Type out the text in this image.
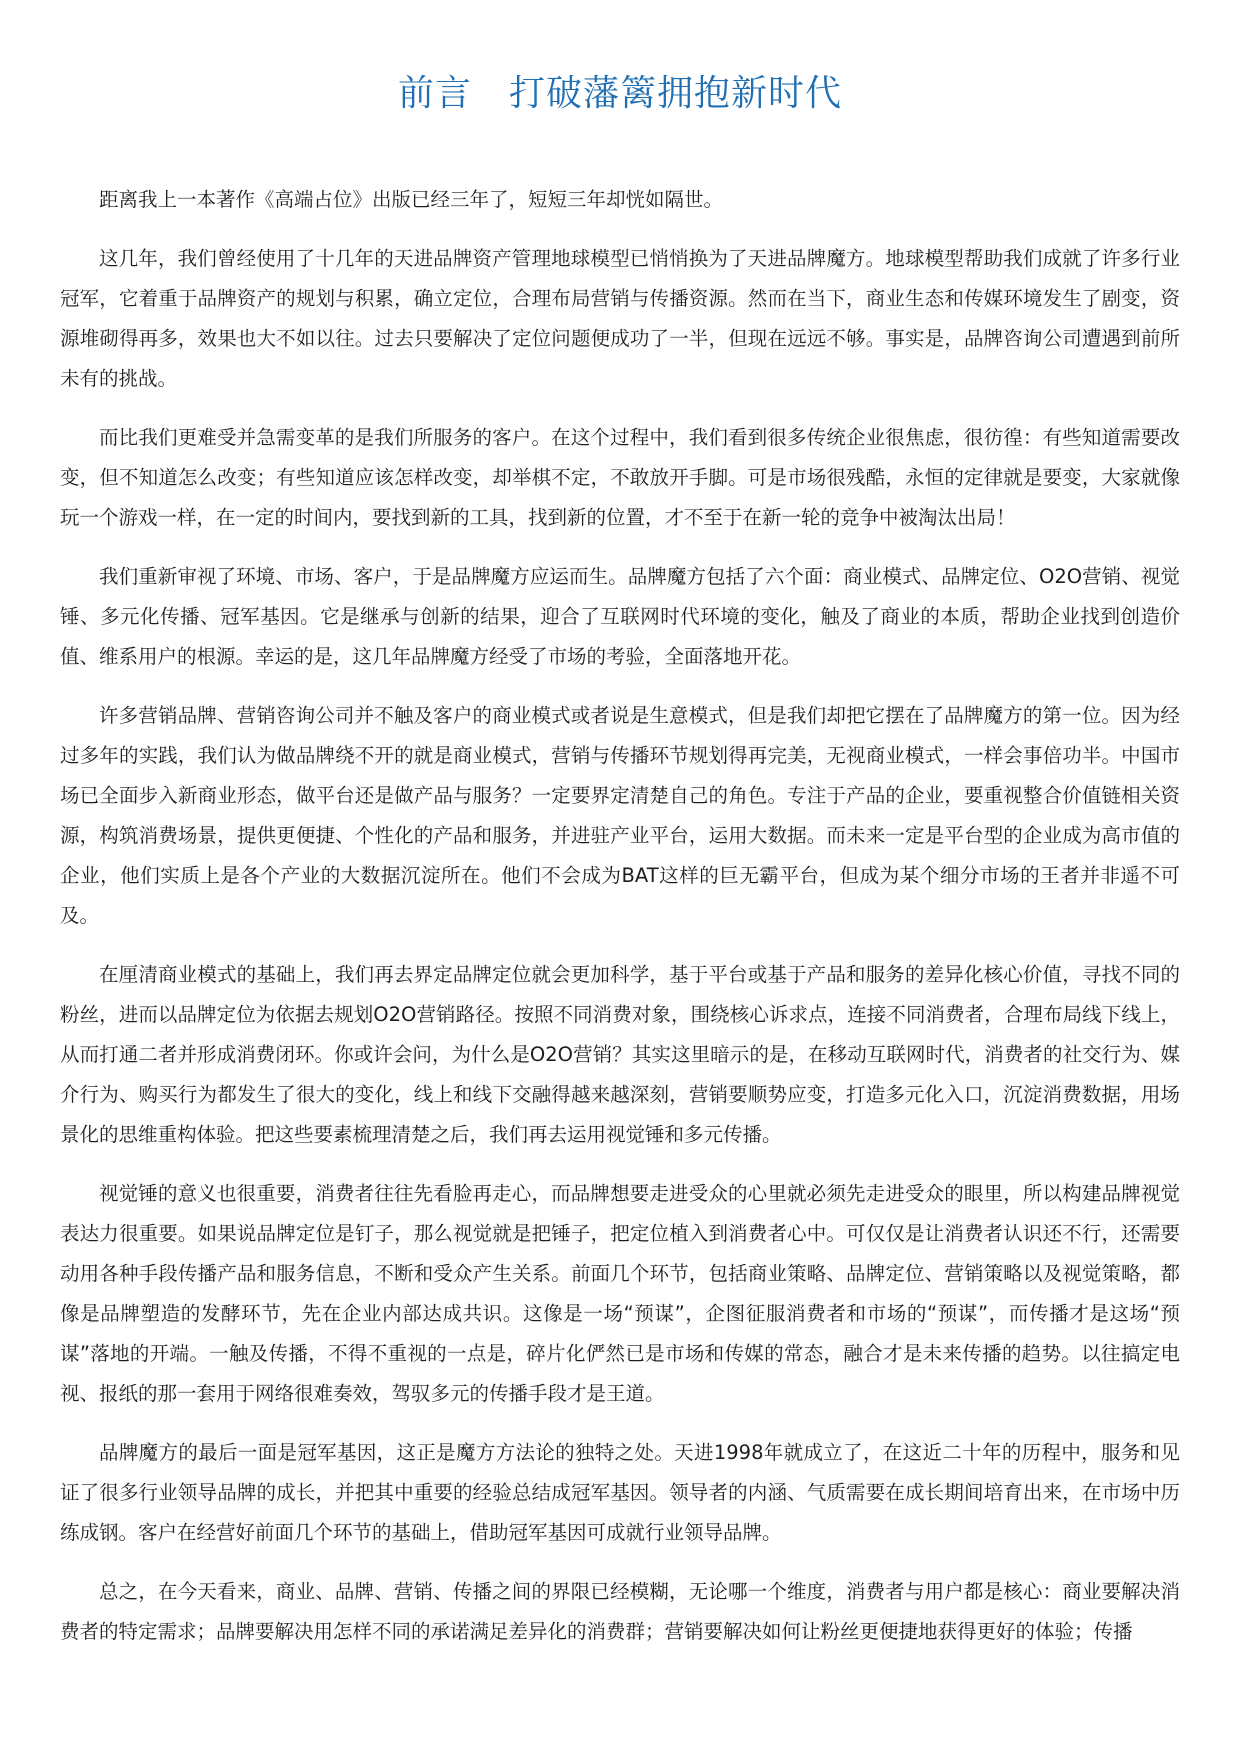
前言　打破藩篱拥抱新时代

距离我上一本著作《高端占位》出版已经三年了，短短三年却恍如隔世。

这几年，我们曾经使用了十几年的天进品牌资产管理地球模型已悄悄换为了天进品牌魔方。地球模型帮助我们成就了许多行业冠军，它着重于品牌资产的规划与积累，确立定位，合理布局营销与传播资源。然而在当下，商业生态和传媒环境发生了剧变，资源堆砌得再多，效果也大不如以往。过去只要解决了定位问题便成功了一半，但现在远远不够。事实是，品牌咨询公司遭遇到前所未有的挑战。

而比我们更难受并急需变革的是我们所服务的客户。在这个过程中，我们看到很多传统企业很焦虑，很彷徨：有些知道需要改变，但不知道怎么改变；有些知道应该怎样改变，却举棋不定，不敢放开手脚。可是市场很残酷，永恒的定律就是要变，大家就像玩一个游戏一样，在一定的时间内，要找到新的工具，找到新的位置，才不至于在新一轮的竞争中被淘汰出局！

我们重新审视了环境、市场、客户，于是品牌魔方应运而生。品牌魔方包括了六个面：商业模式、品牌定位、O2O营销、视觉锤、多元化传播、冠军基因。它是继承与创新的结果，迎合了互联网时代环境的变化，触及了商业的本质，帮助企业找到创造价值、维系用户的根源。幸运的是，这几年品牌魔方经受了市场的考验，全面落地开花。

许多营销品牌、营销咨询公司并不触及客户的商业模式或者说是生意模式，但是我们却把它摆在了品牌魔方的第一位。因为经过多年的实践，我们认为做品牌绕不开的就是商业模式，营销与传播环节规划得再完美，无视商业模式，一样会事倍功半。中国市场已全面步入新商业形态，做平台还是做产品与服务？一定要界定清楚自己的角色。专注于产品的企业，要重视整合价值链相关资源，构筑消费场景，提供更便捷、个性化的产品和服务，并进驻产业平台，运用大数据。而未来一定是平台型的企业成为高市值的企业，他们实质上是各个产业的大数据沉淀所在。他们不会成为BAT这样的巨无霸平台，但成为某个细分市场的王者并非遥不可及。

在厘清商业模式的基础上，我们再去界定品牌定位就会更加科学，基于平台或基于产品和服务的差异化核心价值，寻找不同的粉丝，进而以品牌定位为依据去规划O2O营销路径。按照不同消费对象，围绕核心诉求点，连接不同消费者，合理布局线下线上，从而打通二者并形成消费闭环。你或许会问，为什么是O2O营销？其实这里暗示的是，在移动互联网时代，消费者的社交行为、媒介行为、购买行为都发生了很大的变化，线上和线下交融得越来越深刻，营销要顺势应变，打造多元化入口，沉淀消费数据，用场景化的思维重构体验。把这些要素梳理清楚之后，我们再去运用视觉锤和多元传播。

视觉锤的意义也很重要，消费者往往先看脸再走心，而品牌想要走进受众的心里就必须先走进受众的眼里，所以构建品牌视觉表达力很重要。如果说品牌定位是钉子，那么视觉就是把锤子，把定位植入到消费者心中。可仅仅是让消费者认识还不行，还需要动用各种手段传播产品和服务信息，不断和受众产生关系。前面几个环节，包括商业策略、品牌定位、营销策略以及视觉策略，都像是品牌塑造的发酵环节，先在企业内部达成共识。这像是一场“预谋”，企图征服消费者和市场的“预谋”，而传播才是这场“预谋”落地的开端。一触及传播，不得不重视的一点是，碎片化俨然已是市场和传媒的常态，融合才是未来传播的趋势。以往搞定电视、报纸的那一套用于网络很难奏效，驾驭多元的传播手段才是王道。

品牌魔方的最后一面是冠军基因，这正是魔方方法论的独特之处。天进1998年就成立了，在这近二十年的历程中，服务和见证了很多行业领导品牌的成长，并把其中重要的经验总结成冠军基因。领导者的内涵、气质需要在成长期间培育出来，在市场中历练成钢。客户在经营好前面几个环节的基础上，借助冠军基因可成就行业领导品牌。

总之，在今天看来，商业、品牌、营销、传播之间的界限已经模糊，无论哪一个维度，消费者与用户都是核心：商业要解决消费者的特定需求；品牌要解决用怎样不同的承诺满足差异化的消费群；营销要解决如何让粉丝更便捷地获得更好的体验；传播
